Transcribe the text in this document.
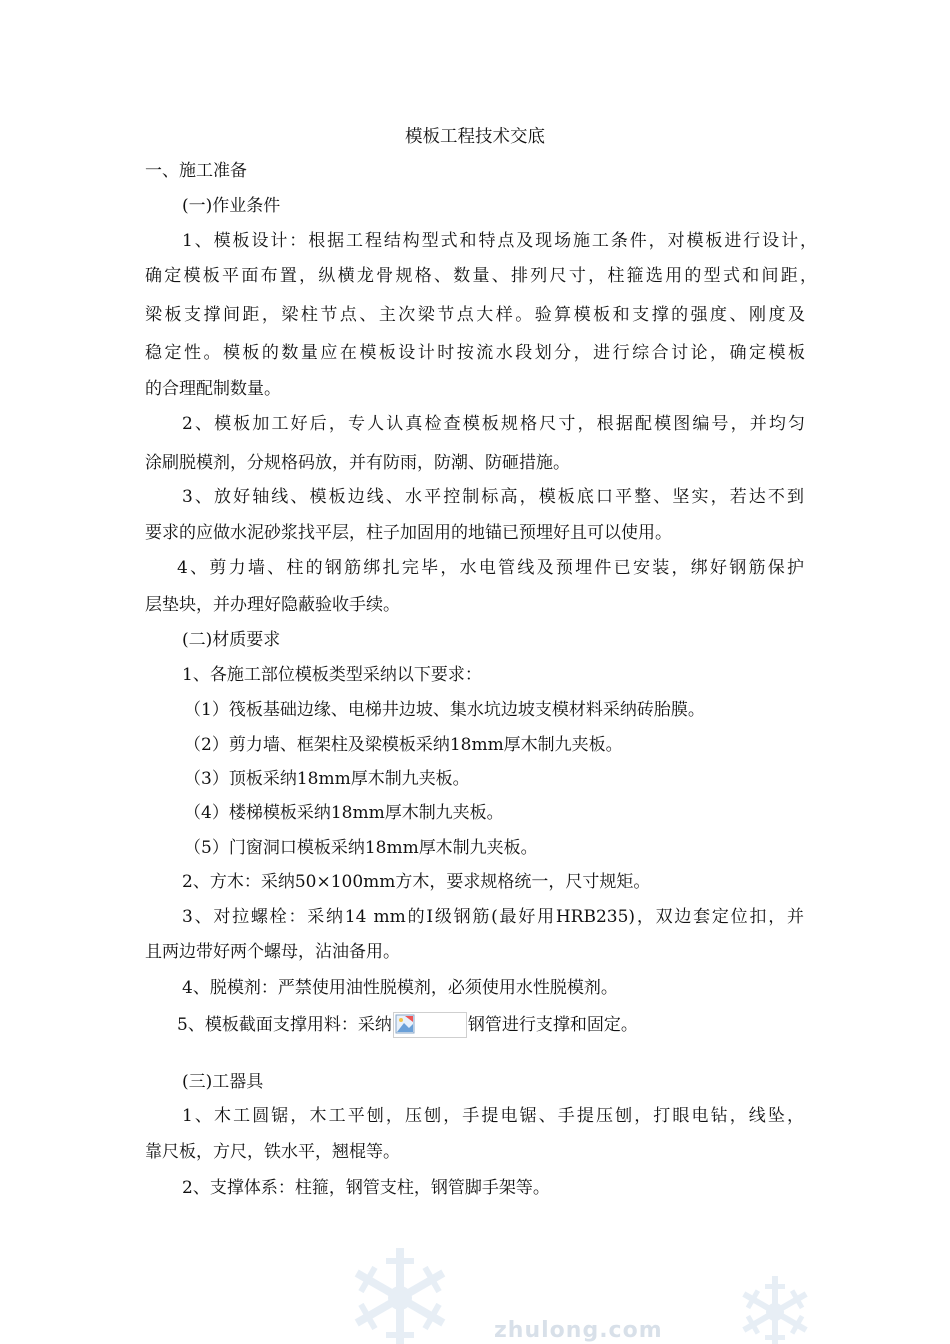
模板工程技术交底
一、施工准备
(一)作业条件
1、模板设计：根据工程结构型式和特点及现场施工条件，对模板进行设计，
确定模板平面布置，纵横龙骨规格、数量、排列尺寸，柱箍选用的型式和间距，
梁板支撑间距，梁柱节点、主次梁节点大样。验算模板和支撑的强度、刚度及
稳定性。模板的数量应在模板设计时按流水段划分，进行综合讨论，确定模板
的合理配制数量。
2、模板加工好后，专人认真检查模板规格尺寸，根据配模图编号，并均匀
涂刷脱模剂，分规格码放，并有防雨，防潮、防砸措施。
3、放好轴线、模板边线、水平控制标高，模板底口平整、坚实，若达不到
要求的应做水泥砂浆找平层，柱子加固用的地锚已预埋好且可以使用。
4、剪力墙、柱的钢筋绑扎完毕，水电管线及预埋件已安装，绑好钢筋保护
层垫块，并办理好隐蔽验收手续。
(二)材质要求
1、各施工部位模板类型采纳以下要求：
（1）筏板基础边缘、电梯井边坡、集水坑边坡支模材料采纳砖胎膜。
（2）剪力墙、框架柱及梁模板采纳18mm厚木制九夹板。
（3）顶板采纳18mm厚木制九夹板。
（4）楼梯模板采纳18mm厚木制九夹板。
（5）门窗洞口模板采纳18mm厚木制九夹板。
2、方木：采纳50×100mm方木，要求规格统一，尺寸规矩。
3、对拉螺栓：采纳14 mm的Ⅰ级钢筋(最好用HRB235)，双边套定位扣，并
且两边带好两个螺母，沾油备用。
4、脱模剂：严禁使用油性脱模剂，必须使用水性脱模剂。
5、模板截面支撑用料：采纳	钢管进行支撑和固定。
(三)工器具
1、木工圆锯，木工平刨，压刨，手提电锯、手提压刨，打眼电钻，线坠，
靠尺板，方尺，铁水平，翘棍等。
2、支撑体系：柱箍，钢管支柱，钢管脚手架等。
zhulong.com
